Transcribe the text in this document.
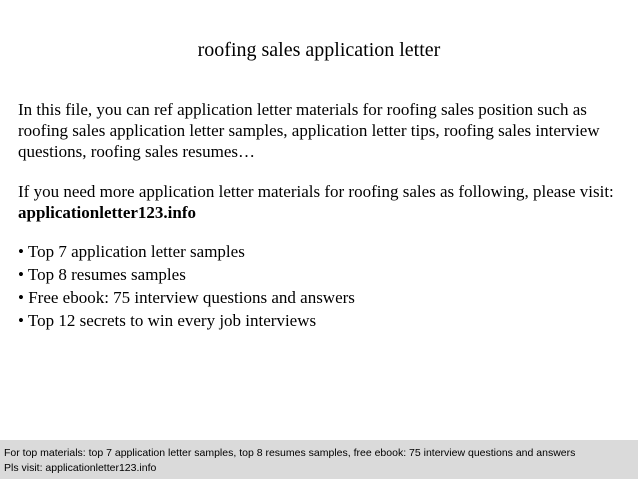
roofing sales application letter
In this file, you can ref application letter materials for roofing sales position such as roofing sales application letter samples, application letter tips, roofing sales interview questions, roofing sales resumes…
If you need more application letter materials for roofing sales as following, please visit: applicationletter123.info
• Top 7 application letter samples
• Top 8 resumes samples
• Free ebook: 75 interview questions and answers
• Top 12 secrets to win every job interviews
For top materials: top 7 application letter samples, top 8 resumes samples, free ebook: 75 interview questions and answers
Pls visit: applicationletter123.info
